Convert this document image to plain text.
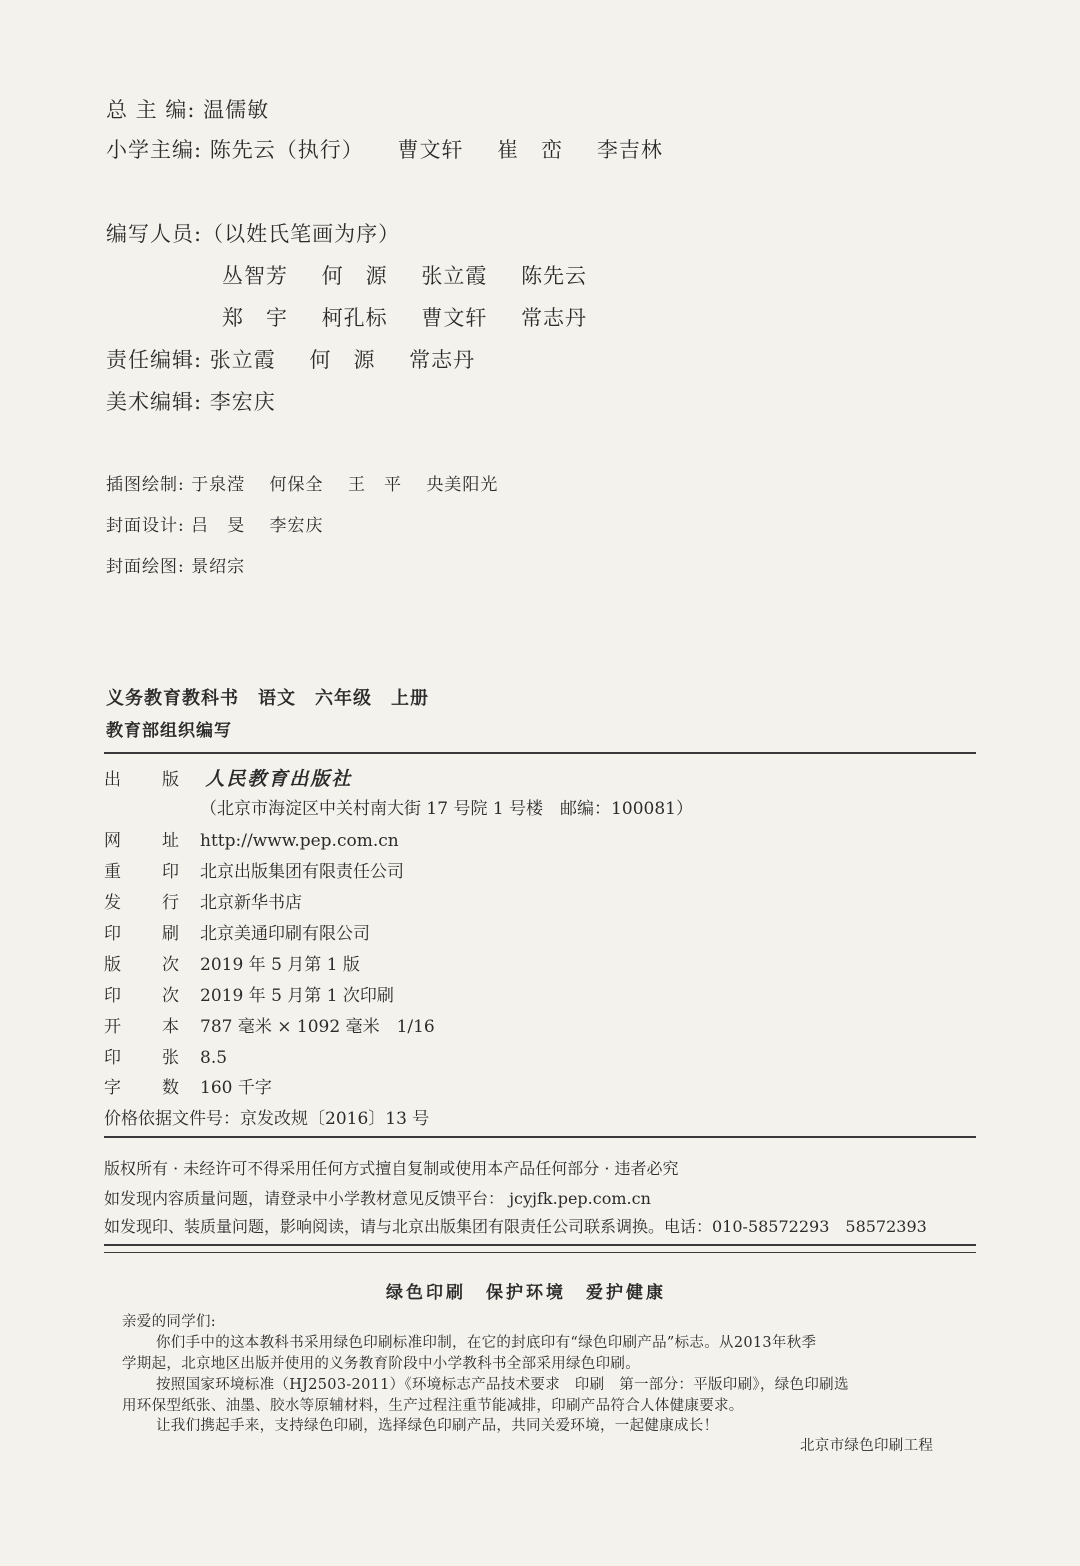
总 主 编: 温儒敏
小学主编: 陈先云（执行） 曹文轩 崔　峦 李吉林
编写人员:（以姓氏笔画为序）
丛智芳 何　源 张立霞 陈先云
郑　宇 柯孔标 曹文轩 常志丹
责任编辑: 张立霞 何　源 常志丹
美术编辑: 李宏庆
插图绘制: 于泉滢 何保全 王　平 央美阳光
封面设计: 吕　旻 李宏庆
封面绘图: 景绍宗
义务教育教科书　语文　六年级　上册
教育部组织编写
出 版 人民教育出版社
（北京市海淀区中关村南大街 17 号院 1 号楼　邮编：100081）
网 址 http://www.pep.com.cn
重 印 北京出版集团有限责任公司
发 行 北京新华书店
印 刷 北京美通印刷有限公司
版 次 2019 年 5 月第 1 版
印 次 2019 年 5 月第 1 次印刷
开 本 787 毫米 × 1092 毫米　1/16
印 张 8.5
字 数 160 千字
价格依据文件号：京发改规〔2016〕13 号
版权所有 · 未经许可不得采用任何方式擅自复制或使用本产品任何部分 · 违者必究
如发现内容质量问题，请登录中小学教材意见反馈平台： jcyjfk.pep.com.cn
如发现印、装质量问题，影响阅读，请与北京出版集团有限责任公司联系调换。电话：010-58572293　58572393
绿色印刷　保护环境　爱护健康
亲爱的同学们:
你们手中的这本教科书采用绿色印刷标准印制，在它的封底印有“绿色印刷产品”标志。从2013年秋季
学期起，北京地区出版并使用的义务教育阶段中小学教科书全部采用绿色印刷。
按照国家环境标准（HJ2503-2011）《环境标志产品技术要求　印刷　第一部分：平版印刷》，绿色印刷选
用环保型纸张、油墨、胶水等原辅材料，生产过程注重节能减排，印刷产品符合人体健康要求。
让我们携起手来，支持绿色印刷，选择绿色印刷产品，共同关爱环境，一起健康成长！
北京市绿色印刷工程
